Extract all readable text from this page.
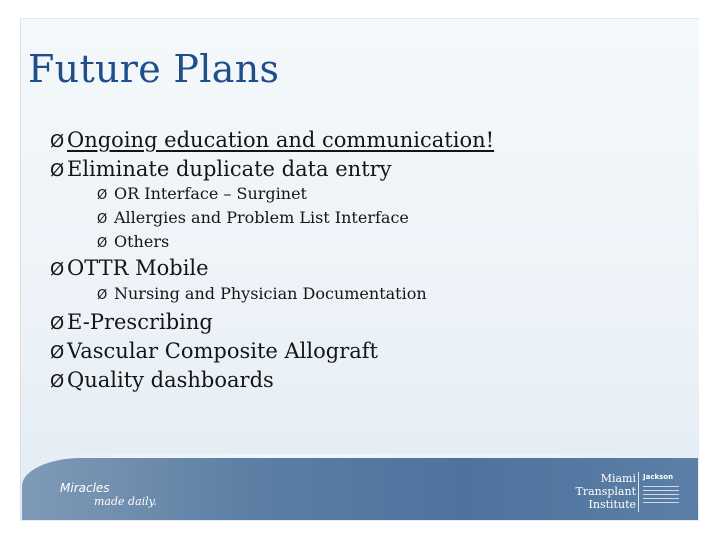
Future Plans
Ø Ongoing education and communication!
Ø Eliminate duplicate data entry
Ø OR Interface – Surginet
Ø Allergies and Problem List Interface
Ø Others
Ø OTTR Mobile
Ø Nursing and Physician Documentation
Ø E-Prescribing
Ø Vascular Composite Allograft
Ø Quality dashboards
Miracles
made daily.
Miami
Transplant
Institute
Jackson
